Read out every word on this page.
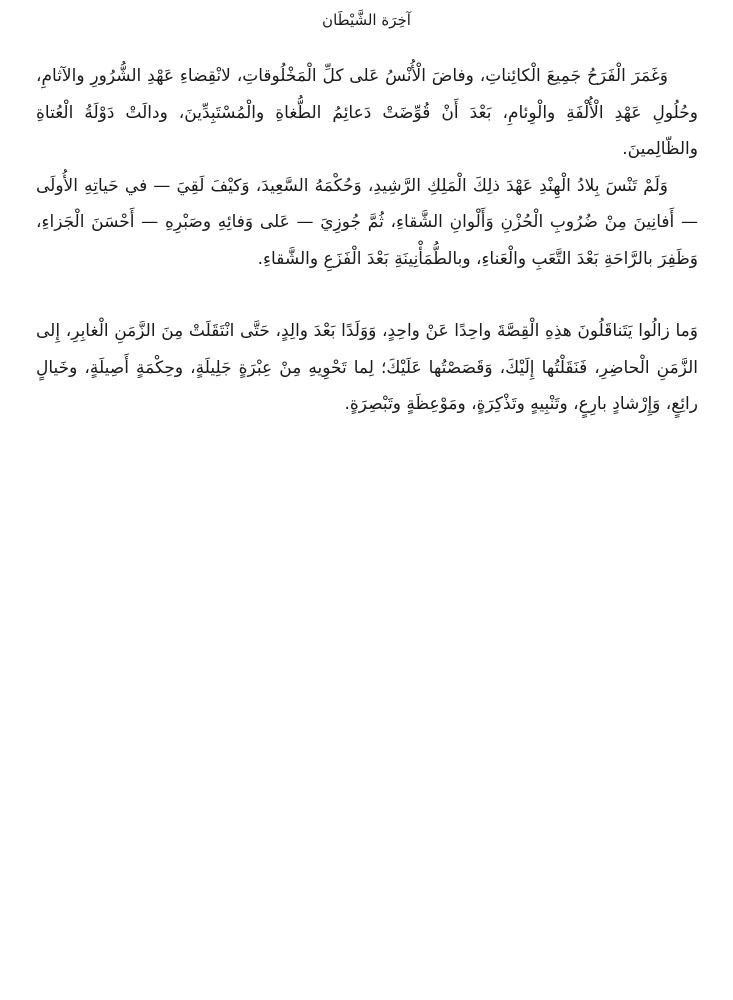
آخِرَة الشَّيْطَان

وَغَمَرَ الْفَرَحُ جَمِيعَ الْكائِناتِ، وفاضَ الْأُنْسُ عَلى كلِّ الْمَخْلُوقاتِ، لانْقِضاءِ عَهْدِ الشُّرُورِ والآثامِ، وحُلُولِ عَهْدِ الْأُلْفَةِ والْوِئامِ، بَعْدَ أَنْ قُوِّضَتْ دَعائِمُ الطُّغاةِ والْمُسْتَبِدِّينَ، ودالَتْ دَوْلَةُ الْعُتاةِ والظّالِمينَ.

وَلَمْ تَنْسَ بِلادُ الْهِنْدِ عَهْدَ ذلِكَ الْمَلِكِ الرَّشِيدِ، وَحُكْمَهُ السَّعِيدَ، وَكيْفَ لَقِيَ — في حَياتِهِ الأُولَى — أَفانِينَ مِنْ ضُرُوبِ الْحُزْنِ وَأَلْوانِ الشَّقاءِ، ثُمَّ جُوزِيَ — عَلى وَفائِهِ وصَبْرِهِ — أَحْسَنَ الْجَزاءِ، وَظَفِرَ بالرَّاحَةِ بَعْدَ التَّعَبِ والْعَناءِ، وبالطُّمَأْنِينَةِ بَعْدَ الْفَزَعِ والشَّقاءِ.

وَما زالُوا يَتَناقَلُونَ هذِهِ الْقِصَّةَ واحِدًا عَنْ واحِدٍ، وَوَلَدًا بَعْدَ والِدٍ، حَتَّى انْتَقَلَتْ مِنَ الزَّمَنِ الْغابِرِ، إِلى الزَّمَنِ الْحاضِرِ، فَنَقَلْتُها إِلَيْكَ، وَقَصَصْتُها عَلَيْكَ؛ لِما تَحْوِيهِ مِنْ عِبْرَةٍ جَلِيلَةٍ، وحِكْمَةٍ أَصِيلَةٍ، وخَيالٍ رائِعٍ، وَإِرْشادٍ بارِعٍ، وتَنْبِيهٍ وتَذْكِرَةٍ، ومَوْعِظَةٍ وتَبْصِرَةٍ.
